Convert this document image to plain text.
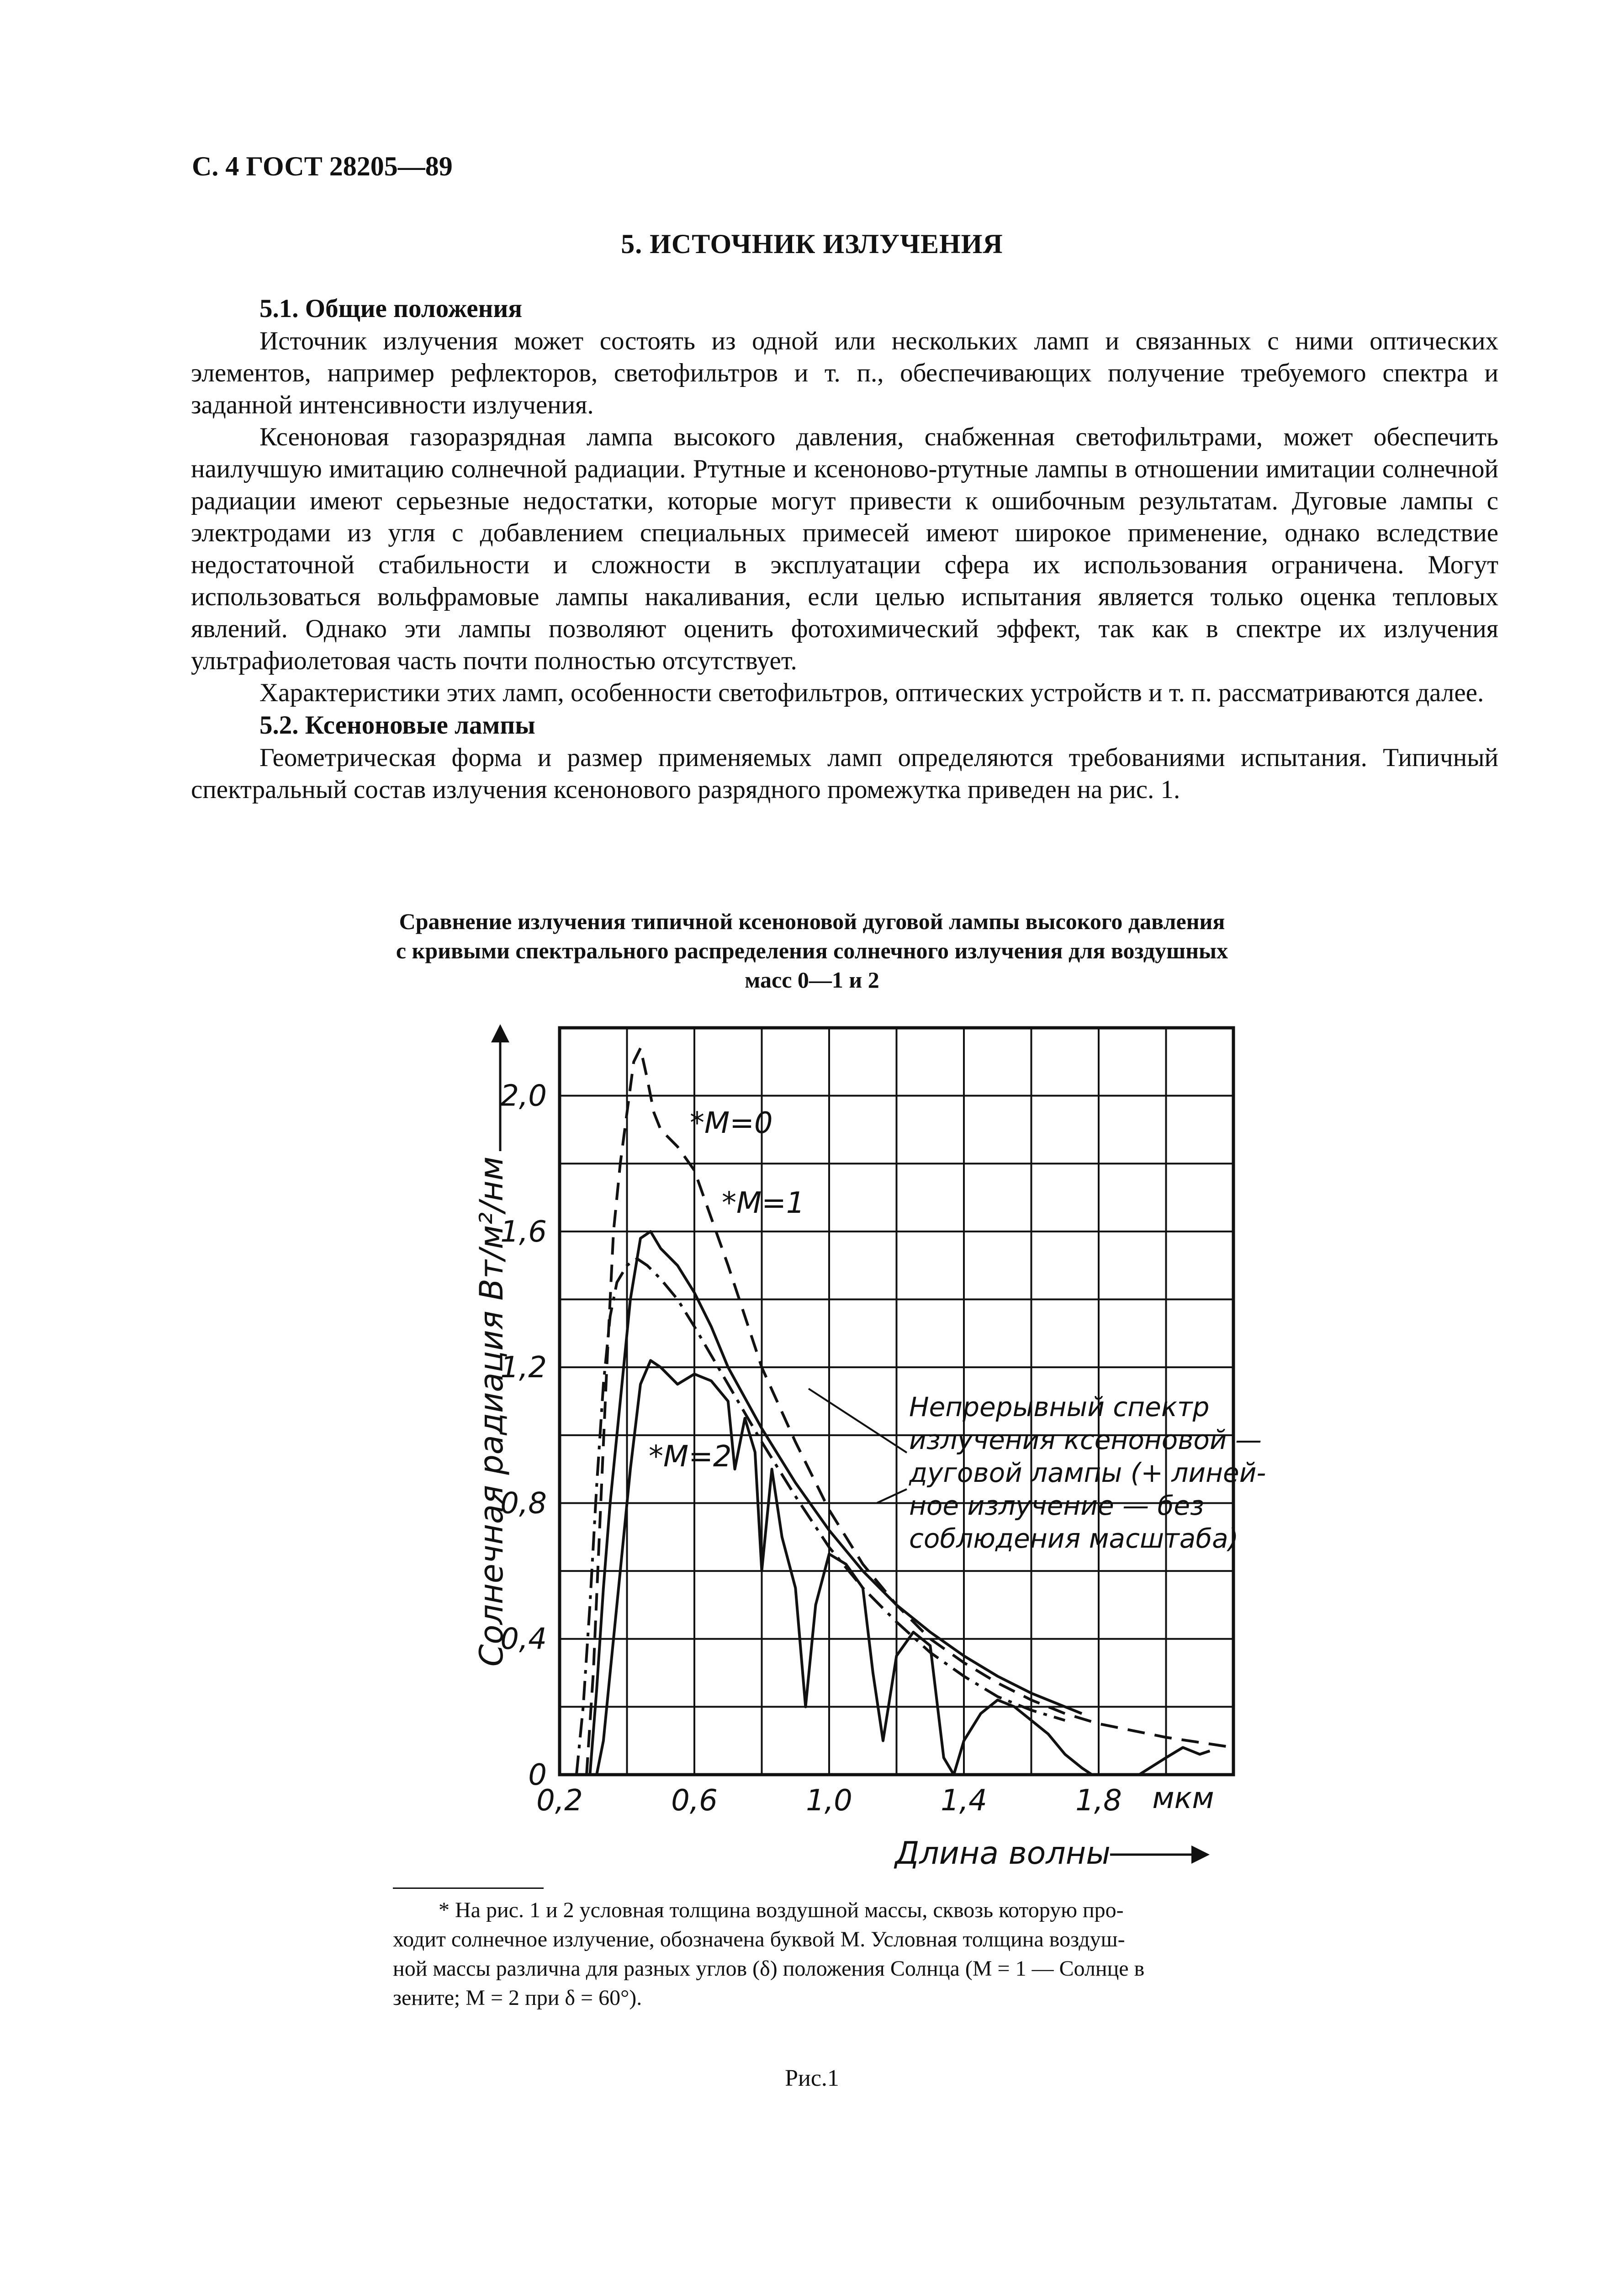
С. 4 ГОСТ 28205—89
5. ИСТОЧНИК ИЗЛУЧЕНИЯ
5.1. Общие положения

Источник излучения может состоять из одной или нескольких ламп и связанных с ними оптических элементов, например рефлекторов, светофильтров и т. п., обеспечивающих получение требуемого спектра и заданной интенсивности излучения.

Ксеноновая газоразрядная лампа высокого давления, снабженная светофильтрами, может обеспечить наилучшую имитацию солнечной радиации. Ртутные и ксеноново-ртутные лампы в отношении имитации солнечной радиации имеют серьезные недостатки, которые могут привести к ошибочным результатам. Дуговые лампы с электродами из угля с добавлением специальных примесей имеют широкое применение, однако вследствие недостаточной стабильности и сложности в эксплуатации сфера их использования ограничена. Могут использоваться вольфрамовые лампы накаливания, если целью испытания является только оценка тепловых явлений. Однако эти лампы позволяют оценить фотохимический эффект, так как в спектре их излучения ультрафиолетовая часть почти полностью отсутствует.

Характеристики этих ламп, особенности светофильтров, оптических устройств и т. п. рассматриваются далее.

5.2. Ксеноновые лампы

Геометрическая форма и размер применяемых ламп определяются требованиями испытания. Типичный спектральный состав излучения ксенонового разрядного промежутка приведен на рис. 1.

Сравнение излучения типичной ксеноновой дуговой лампы высокого давления
с кривыми спектрального распределения солнечного излучения для воздушных
масс 0—1 и 2
0,2	0,6	1,0	1,4	1,8
0
0,4
0,8
1,2
1,6
2,0
Солнечная радиация Вт/м²/нм
Длина волны
мкм
*M=0
*M=1
*M=2
Непрерывный спектр
излучения ксеноновой —
дуговой лампы (+ линей-
ное излучение — без
соблюдения масштаба)

* На рис. 1 и 2 условная толщина воздушной массы, сквозь которую про-

ходит солнечное излучение, обозначена буквой М. Условная толщина воздуш-
ной массы различна для разных углов (δ) положения Солнца (М = 1 — Солнце в
зените; М = 2 при δ = 60°).
Рис.1
